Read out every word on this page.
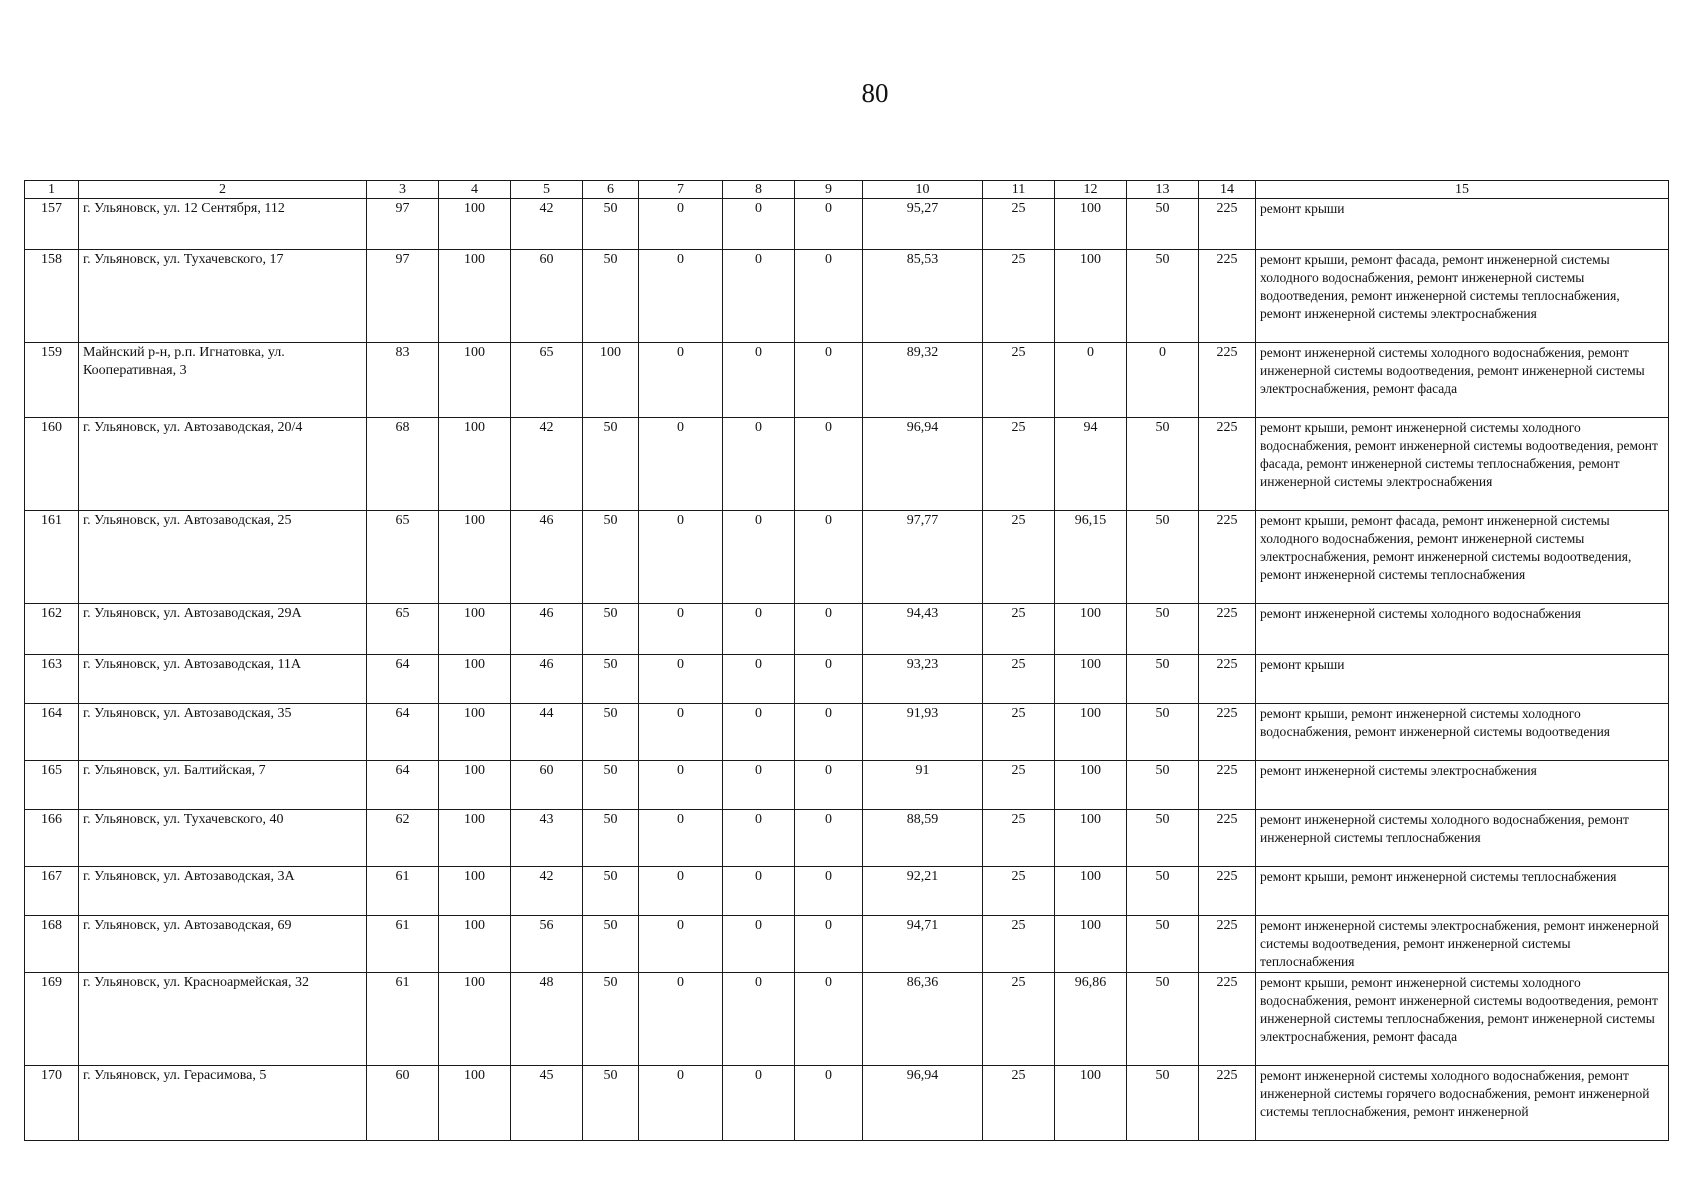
80
1	2	3	4	5	6	7	8	9	10	11	12	13	14	15
157	г. Ульяновск, ул. 12 Сентября, 112	97	100	42	50	0	0	0	95,27	25	100	50	225	ремонт крыши
158	г. Ульяновск, ул. Тухачевского, 17	97	100	60	50	0	0	0	85,53	25	100	50	225	ремонт крыши, ремонт фасада, ремонт инженерной системы холодного водоснабжения, ремонт инженерной системы водоотведения, ремонт инженерной системы теплоснабжения, ремонт инженерной системы электроснабжения
159	Майнский р-н, р.п. Игнатовка, ул. Кооперативная, 3	83	100	65	100	0	0	0	89,32	25	0	0	225	ремонт инженерной системы холодного водоснабжения, ремонт инженерной системы водоотведения, ремонт инженерной системы электроснабжения, ремонт фасада
160	г. Ульяновск, ул. Автозаводская, 20/4	68	100	42	50	0	0	0	96,94	25	94	50	225	ремонт крыши, ремонт инженерной системы холодного водоснабжения, ремонт инженерной системы водоотведения, ремонт фасада, ремонт инженерной системы теплоснабжения, ремонт инженерной системы электроснабжения
161	г. Ульяновск, ул. Автозаводская, 25	65	100	46	50	0	0	0	97,77	25	96,15	50	225	ремонт крыши, ремонт фасада, ремонт инженерной системы холодного водоснабжения, ремонт инженерной системы электроснабжения, ремонт инженерной системы водоотведения, ремонт инженерной системы теплоснабжения
162	г. Ульяновск, ул. Автозаводская, 29А	65	100	46	50	0	0	0	94,43	25	100	50	225	ремонт инженерной системы холодного водоснабжения
163	г. Ульяновск, ул. Автозаводская, 11А	64	100	46	50	0	0	0	93,23	25	100	50	225	ремонт крыши
164	г. Ульяновск, ул. Автозаводская, 35	64	100	44	50	0	0	0	91,93	25	100	50	225	ремонт крыши, ремонт инженерной системы холодного водоснабжения, ремонт инженерной системы водоотведения
165	г. Ульяновск, ул. Балтийская, 7	64	100	60	50	0	0	0	91	25	100	50	225	ремонт инженерной системы электроснабжения
166	г. Ульяновск, ул. Тухачевского, 40	62	100	43	50	0	0	0	88,59	25	100	50	225	ремонт инженерной системы холодного водоснабжения, ремонт инженерной системы теплоснабжения
167	г. Ульяновск, ул. Автозаводская, 3А	61	100	42	50	0	0	0	92,21	25	100	50	225	ремонт крыши, ремонт инженерной системы теплоснабжения
168	г. Ульяновск, ул. Автозаводская, 69	61	100	56	50	0	0	0	94,71	25	100	50	225	ремонт инженерной системы электроснабжения, ремонт инженерной системы водоотведения, ремонт инженерной системы теплоснабжения
169	г. Ульяновск, ул. Красноармейская, 32	61	100	48	50	0	0	0	86,36	25	96,86	50	225	ремонт крыши, ремонт инженерной системы холодного водоснабжения, ремонт инженерной системы водоотведения, ремонт инженерной системы теплоснабжения, ремонт инженерной системы электроснабжения, ремонт фасада
170	г. Ульяновск, ул. Герасимова, 5	60	100	45	50	0	0	0	96,94	25	100	50	225	ремонт инженерной системы холодного водоснабжения, ремонт инженерной системы горячего водоснабжения, ремонт инженерной системы теплоснабжения, ремонт инженерной
